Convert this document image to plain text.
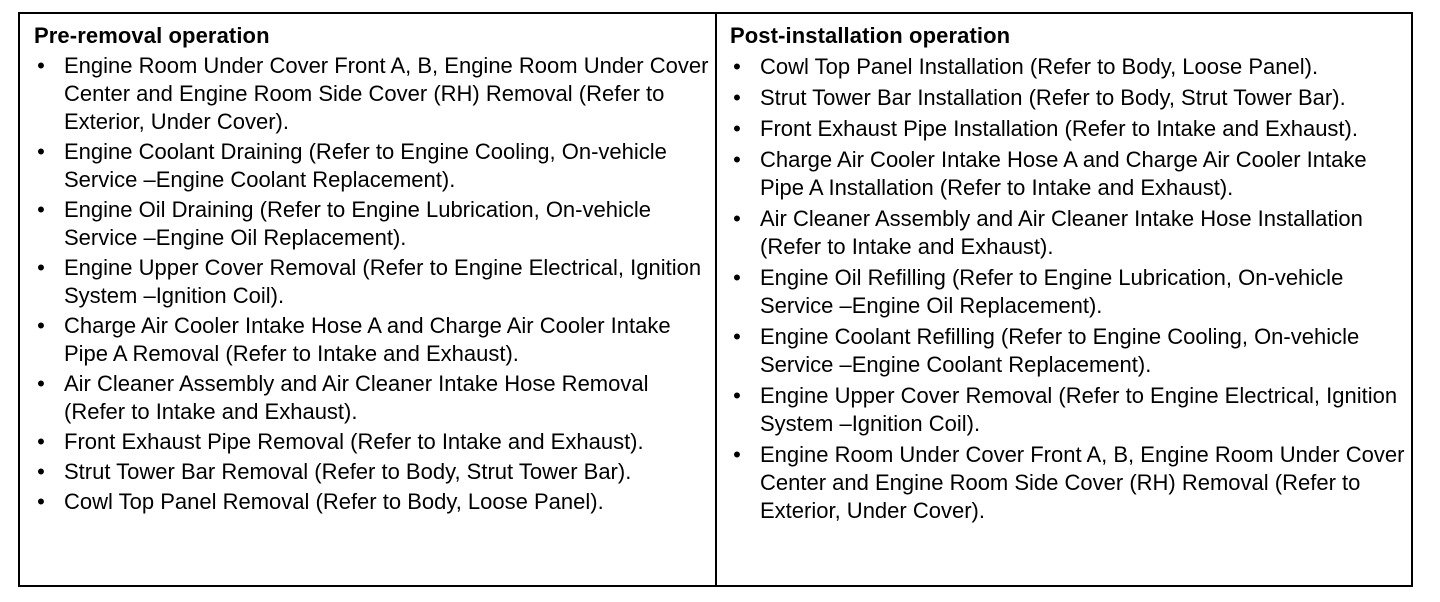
Pre-removal operation
• Engine Room Under Cover Front A, B, Engine Room Under Cover Center and Engine Room Side Cover (RH) Removal (Refer to Exterior, Under Cover).
• Engine Coolant Draining (Refer to Engine Cooling, On-vehicle Service –Engine Coolant Replacement).
• Engine Oil Draining (Refer to Engine Lubrication, On-vehicle Service –Engine Oil Replacement).
• Engine Upper Cover Removal (Refer to Engine Electrical, Ignition System –Ignition Coil).
• Charge Air Cooler Intake Hose A and Charge Air Cooler Intake Pipe A Removal (Refer to Intake and Exhaust).
• Air Cleaner Assembly and Air Cleaner Intake Hose Removal (Refer to Intake and Exhaust).
• Front Exhaust Pipe Removal (Refer to Intake and Exhaust).
• Strut Tower Bar Removal (Refer to Body, Strut Tower Bar).
• Cowl Top Panel Removal (Refer to Body, Loose Panel).
Post-installation operation
• Cowl Top Panel Installation (Refer to Body, Loose Panel).
• Strut Tower Bar Installation (Refer to Body, Strut Tower Bar).
• Front Exhaust Pipe Installation (Refer to Intake and Exhaust).
• Charge Air Cooler Intake Hose A and Charge Air Cooler Intake Pipe A Installation (Refer to Intake and Exhaust).
• Air Cleaner Assembly and Air Cleaner Intake Hose Installation (Refer to Intake and Exhaust).
• Engine Oil Refilling (Refer to Engine Lubrication, On-vehicle Service –Engine Oil Replacement).
• Engine Coolant Refilling (Refer to Engine Cooling, On-vehicle Service –Engine Coolant Replacement).
• Engine Upper Cover Removal (Refer to Engine Electrical, Ignition System –Ignition Coil).
• Engine Room Under Cover Front A, B, Engine Room Under Cover Center and Engine Room Side Cover (RH) Removal (Refer to Exterior, Under Cover).
